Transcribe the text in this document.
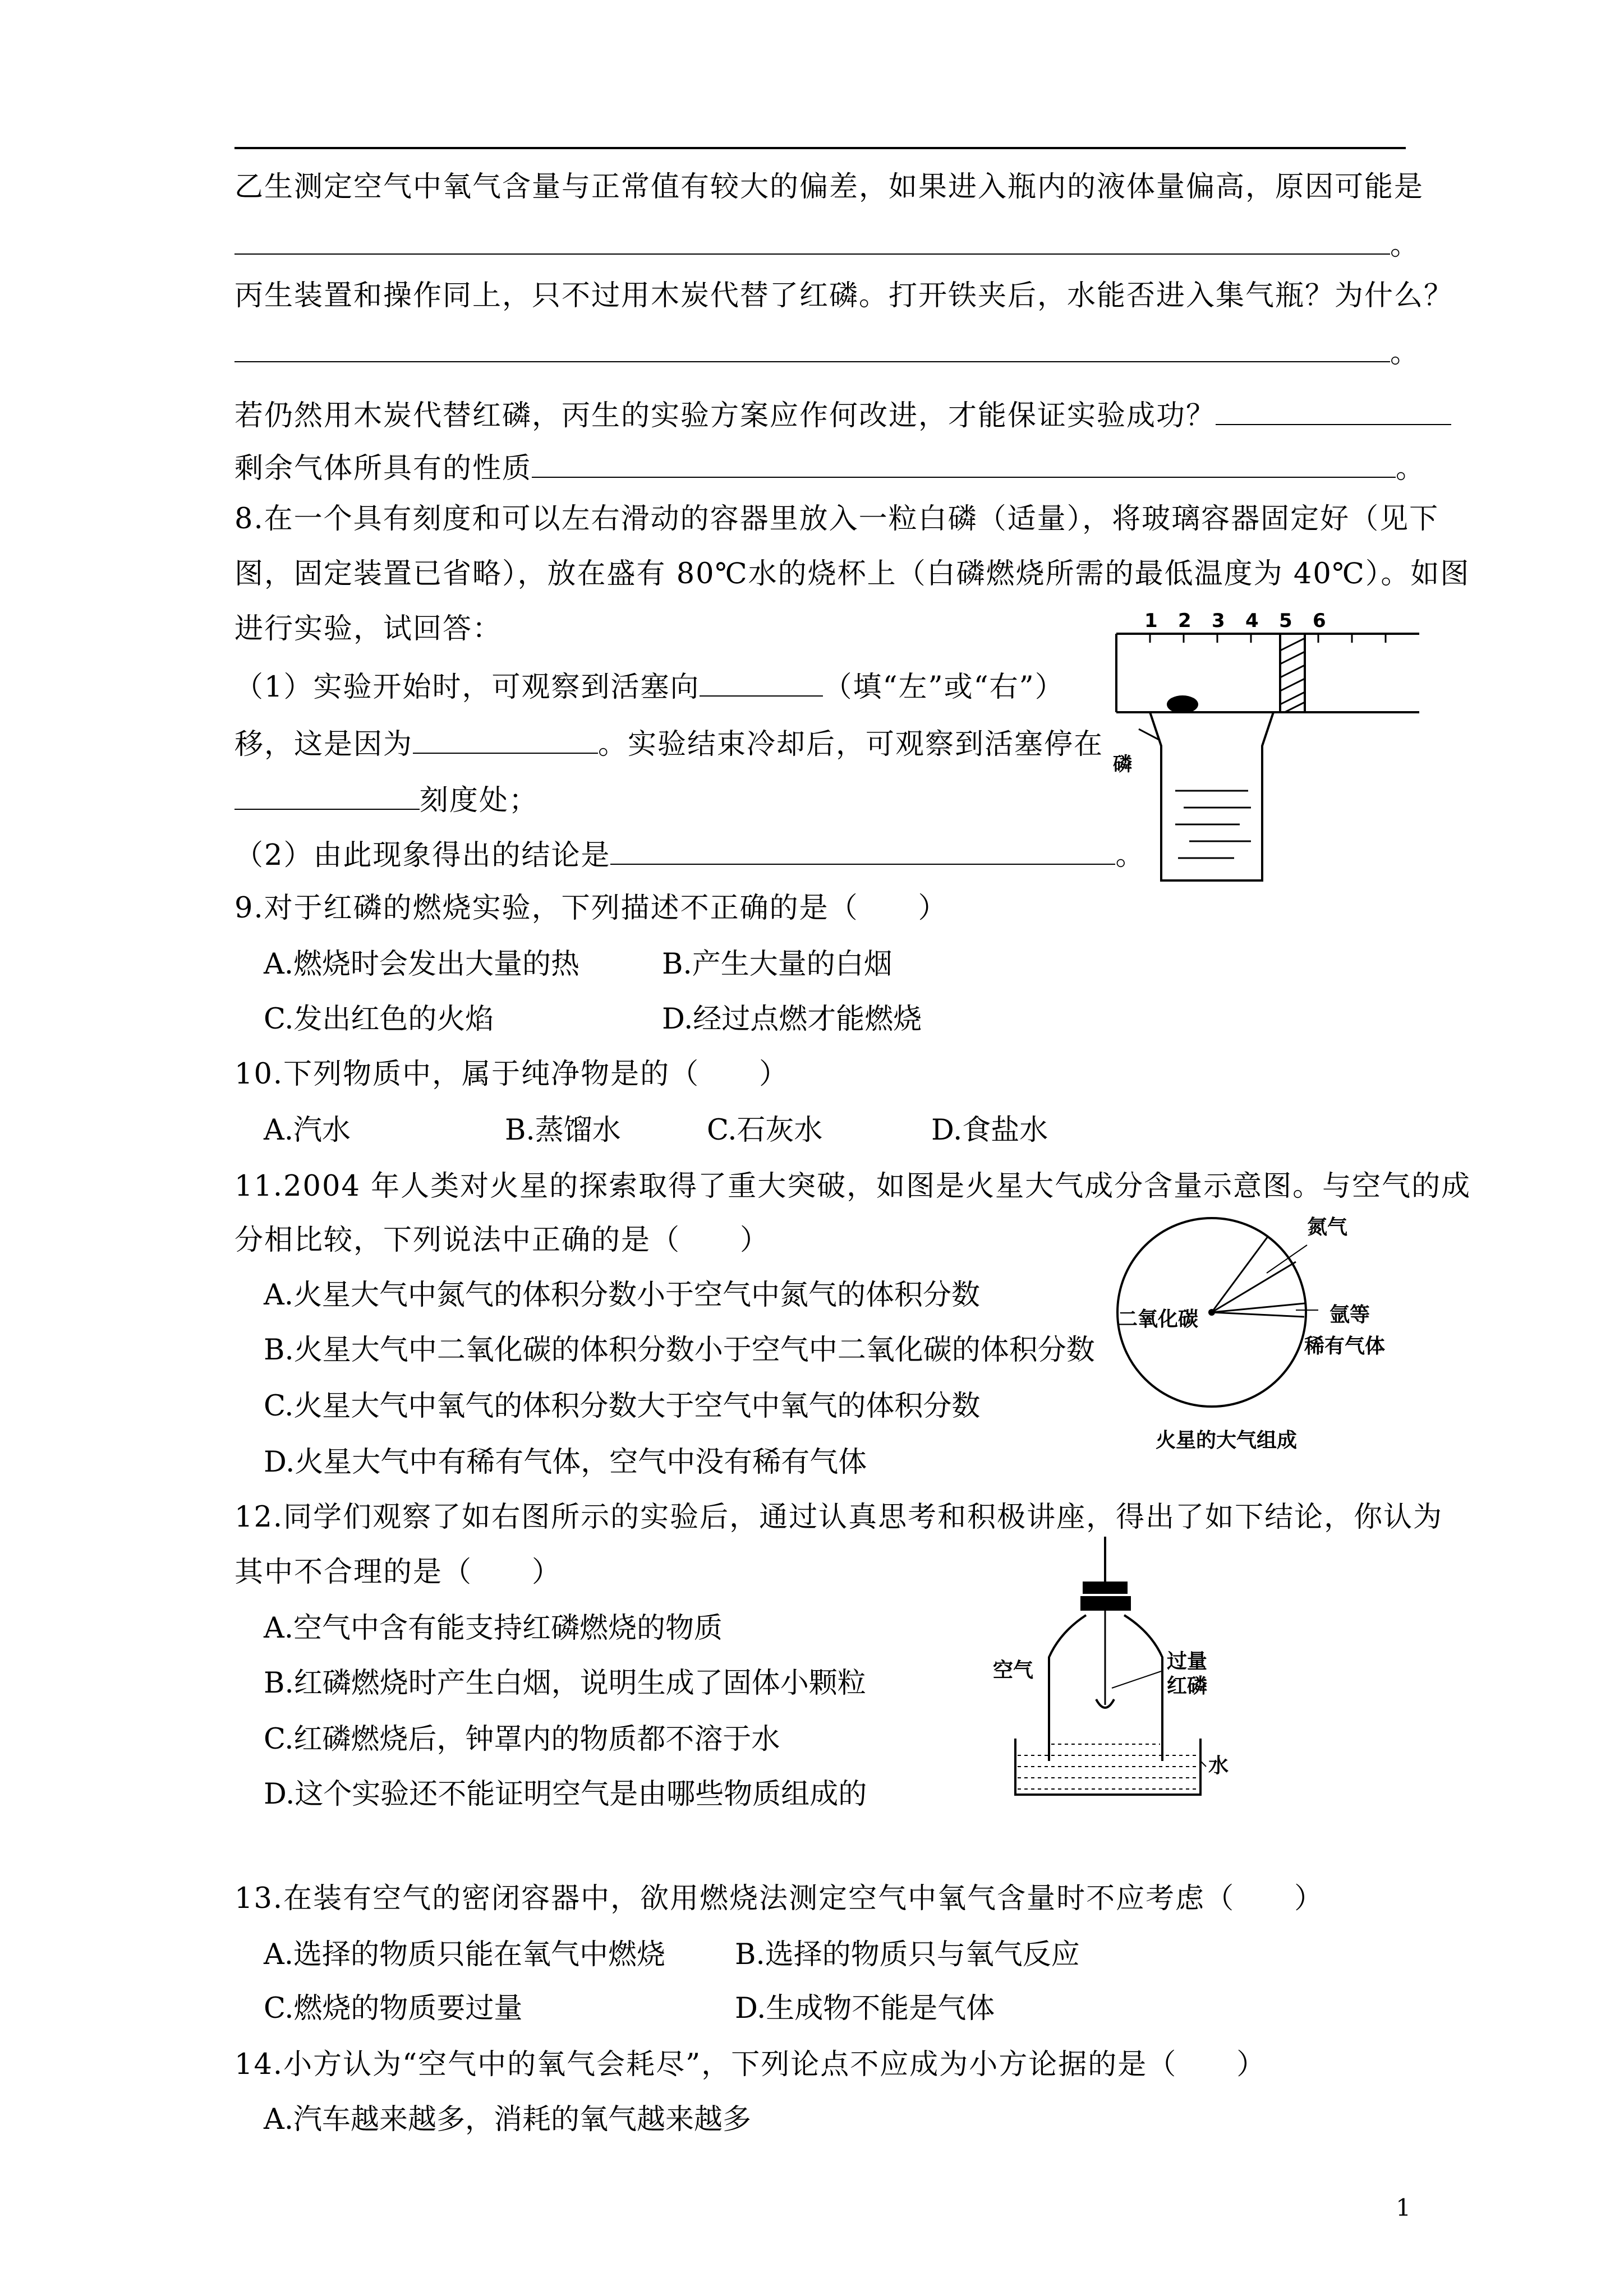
乙生测定空气中氧气含量与正常值有较大的偏差，如果进入瓶内的液体量偏高，原因可能是
。
丙生装置和操作同上，只不过用木炭代替了红磷。打开铁夹后，水能否进入集气瓶？为什么？
。
若仍然用木炭代替红磷，丙生的实验方案应作何改进，才能保证实验成功？
剩余气体所具有的性质	。
8.在一个具有刻度和可以左右滑动的容器里放入一粒白磷（适量），将玻璃容器固定好（见下
图，固定装置已省略），放在盛有 80℃水的烧杯上（白磷燃烧所需的最低温度为 40℃）。如图
进行实验，试回答：
（1）实验开始时，可观察到活塞向	（填“左”或“右”）
移，这是因为	。实验结束冷却后，可观察到活塞停在
刻度处；
（2）由此现象得出的结论是	。
1 2 3 4 5 6
磷
9.对于红磷的燃烧实验，下列描述不正确的是（　　）
A.燃烧时会发出大量的热	B.产生大量的白烟
C.发出红色的火焰	D.经过点燃才能燃烧
10.下列物质中，属于纯净物是的（　　）
A.汽水	B.蒸馏水	C.石灰水	D.食盐水
11.2004 年人类对火星的探索取得了重大突破，如图是火星大气成分含量示意图。与空气的成
分相比较，下列说法中正确的是（　　）
A.火星大气中氮气的体积分数小于空气中氮气的体积分数
B.火星大气中二氧化碳的体积分数小于空气中二氧化碳的体积分数
C.火星大气中氧气的体积分数大于空气中氧气的体积分数
D.火星大气中有稀有气体，空气中没有稀有气体
氮气
二氧化碳	氩等
稀有气体
火星的大气组成
12.同学们观察了如右图所示的实验后，通过认真思考和积极讲座，得出了如下结论，你认为
其中不合理的是（　　）
A.空气中含有能支持红磷燃烧的物质
B.红磷燃烧时产生白烟，说明生成了固体小颗粒
C.红磷燃烧后，钟罩内的物质都不溶于水
D.这个实验还不能证明空气是由哪些物质组成的
空气	过量
红磷
水
13.在装有空气的密闭容器中，欲用燃烧法测定空气中氧气含量时不应考虑（　　）
A.选择的物质只能在氧气中燃烧 B.选择的物质只与氧气反应
C.燃烧的物质要过量	D.生成物不能是气体
14.小方认为“空气中的氧气会耗尽”，下列论点不应成为小方论据的是（　　）
A.汽车越来越多，消耗的氧气越来越多
1
